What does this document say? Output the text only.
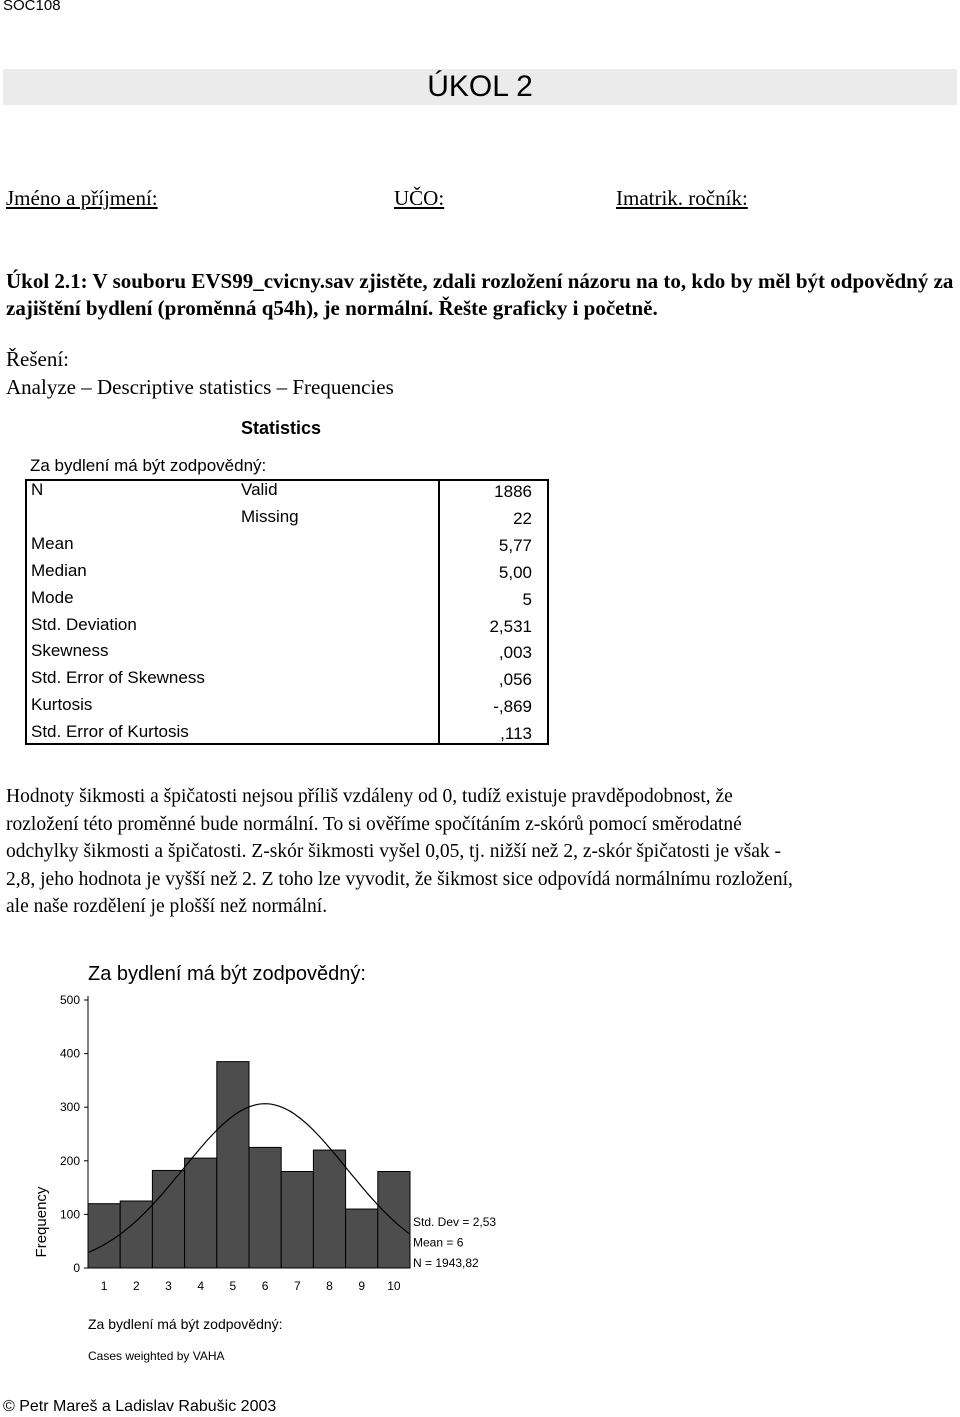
SOC108
ÚKOL 2
Jméno a příjmení:	UČO:	Imatrik. ročník:
Úkol 2.1: V souboru EVS99_cvicny.sav zjistěte, zdali rozložení názoru na to, kdo by měl být odpovědný za zajištění bydlení (proměnná q54h), je normální. Řešte graficky i početně.
Řešení:
Analyze – Descriptive statistics – Frequencies
Statistics
Za bydlení má být zodpovědný:
N	Valid	1886
Missing	22
Mean	5,77
Median	5,00
Mode	5
Std. Deviation	2,531
Skewness	,003
Std. Error of Skewness	,056
Kurtosis	-,869
Std. Error of Kurtosis	,113
Hodnoty šikmosti a špičatosti nejsou příliš vzdáleny od 0, tudíž existuje pravděpodobnost, že
rozložení této proměnné bude normální. To si ověříme spočítáním z-skórů pomocí směrodatné
odchylky šikmosti a špičatosti. Z-skór šikmosti vyšel 0,05, tj. nižší než 2, z-skór špičatosti je však -
2,8, jeho hodnota je vyšší než 2. Z toho lze vyvodit, že šikmost sice odpovídá normálnímu rozložení,
ale naše rozdělení je plošší než normální.
0
100
200
300
400
500
1 2 3 4 5 6 7 8 9 10
Za bydlení má být zodpovědný:
Frequency	Std. Dev = 2,53
Mean = 6
N = 1943,82
Za bydlení má být zodpovědný:
Cases weighted by VAHA
© Petr Mareš a Ladislav Rabušic 2003
